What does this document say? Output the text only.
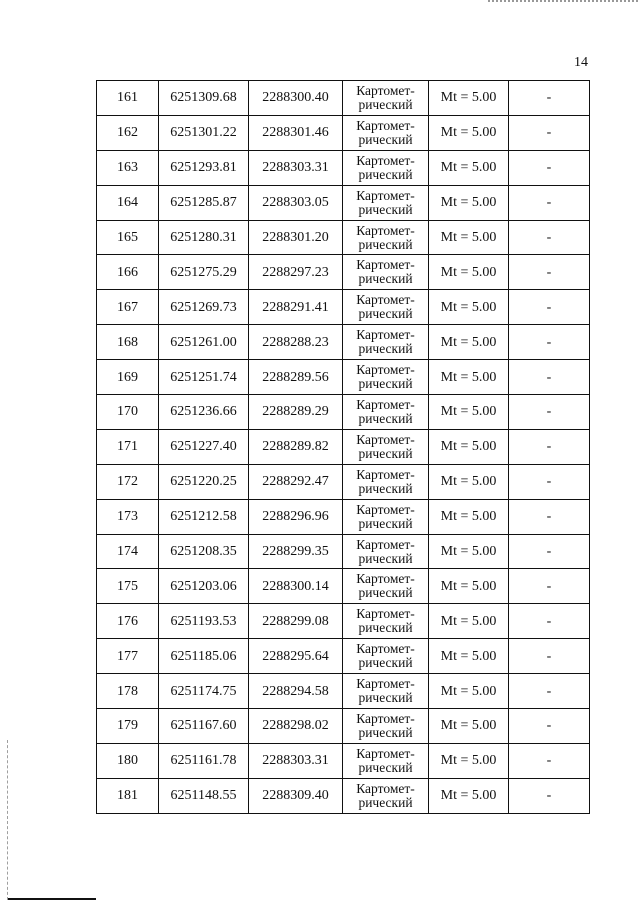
14
161	6251309.68	2288300.40	Картомет-
рический	Mt = 5.00	-
162	6251301.22	2288301.46	Картомет-
рический	Mt = 5.00	-
163	6251293.81	2288303.31	Картомет-
рический	Mt = 5.00	-
164	6251285.87	2288303.05	Картомет-
рический	Mt = 5.00	-
165	6251280.31	2288301.20	Картомет-
рический	Mt = 5.00	-
166	6251275.29	2288297.23	Картомет-
рический	Mt = 5.00	-
167	6251269.73	2288291.41	Картомет-
рический	Mt = 5.00	-
168	6251261.00	2288288.23	Картомет-
рический	Mt = 5.00	-
169	6251251.74	2288289.56	Картомет-
рический	Mt = 5.00	-
170	6251236.66	2288289.29	Картомет-
рический	Mt = 5.00	-
171	6251227.40	2288289.82	Картомет-
рический	Mt = 5.00	-
172	6251220.25	2288292.47	Картомет-
рический	Mt = 5.00	-
173	6251212.58	2288296.96	Картомет-
рический	Mt = 5.00	-
174	6251208.35	2288299.35	Картомет-
рический	Mt = 5.00	-
175	6251203.06	2288300.14	Картомет-
рический	Mt = 5.00	-
176	6251193.53	2288299.08	Картомет-
рический	Mt = 5.00	-
177	6251185.06	2288295.64	Картомет-
рический	Mt = 5.00	-
178	6251174.75	2288294.58	Картомет-
рический	Mt = 5.00	-
179	6251167.60	2288298.02	Картомет-
рический	Mt = 5.00	-
180	6251161.78	2288303.31	Картомет-
рический	Mt = 5.00	-
181	6251148.55	2288309.40	Картомет-
рический	Mt = 5.00	-
